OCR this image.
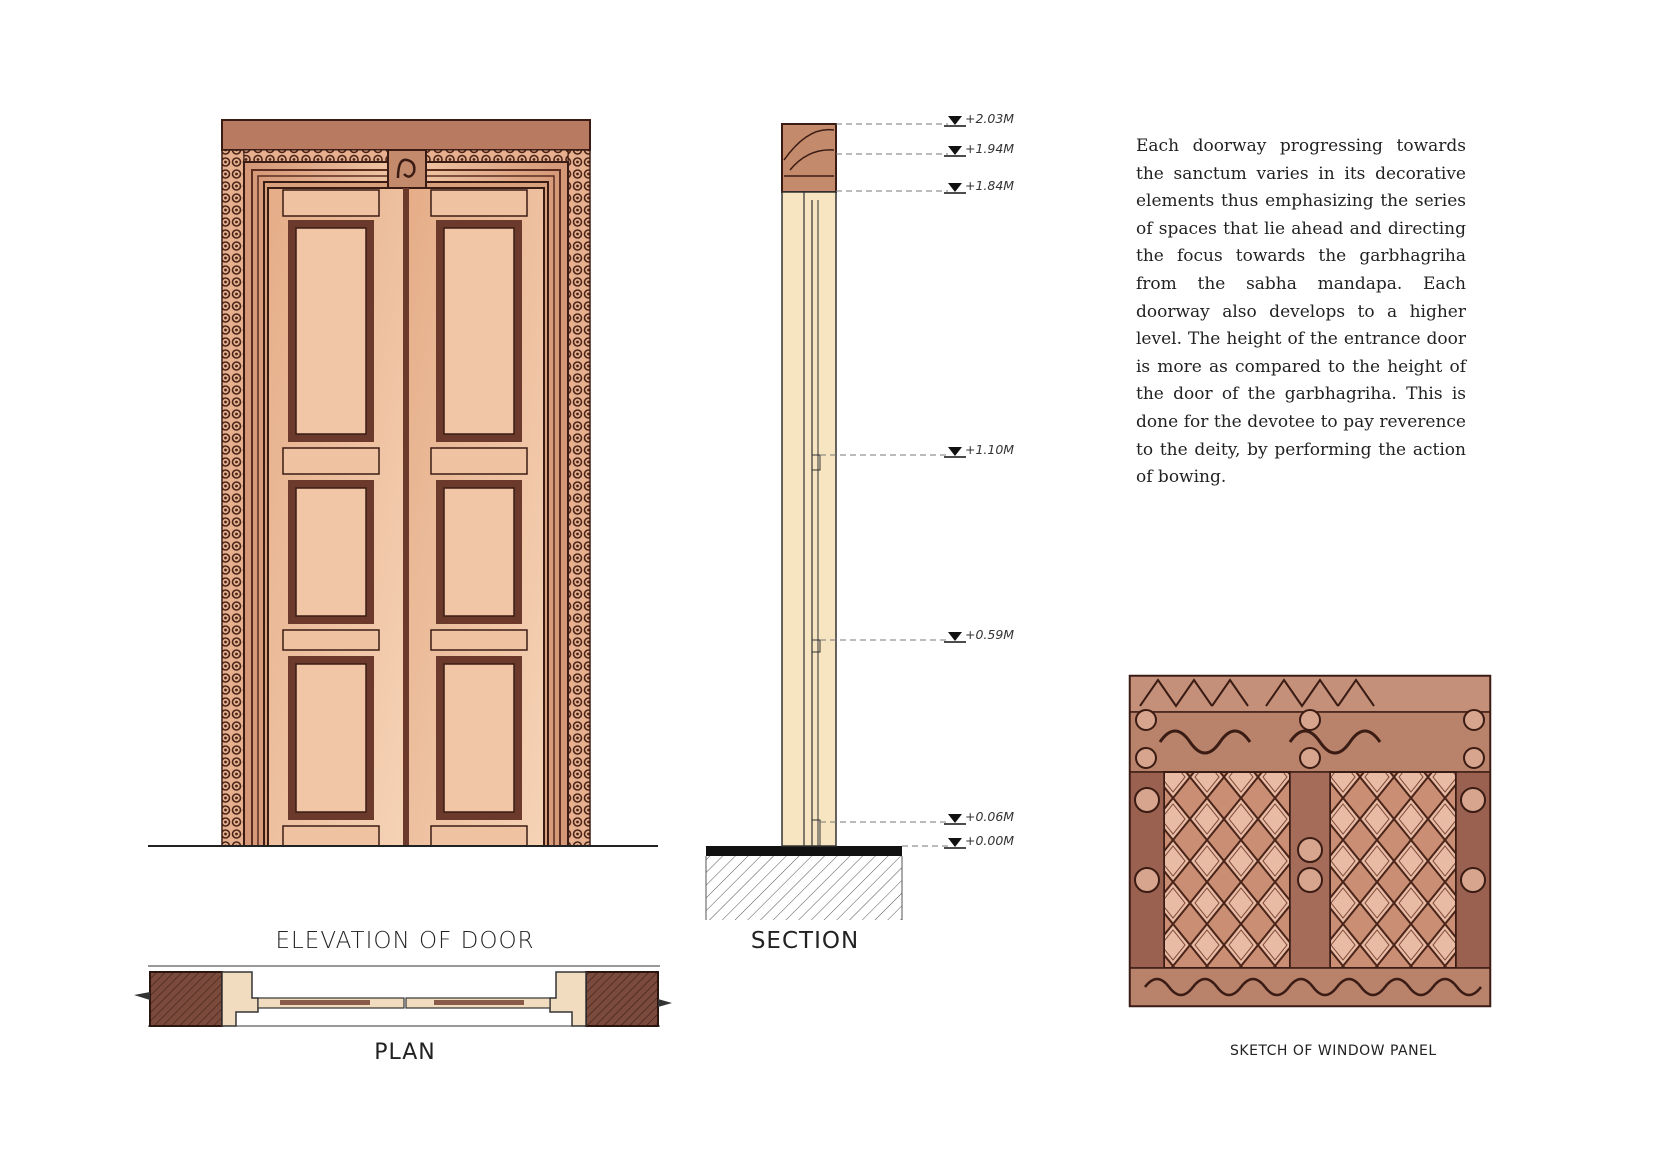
+2.03M
+1.94M
+1.84M
+1.10M
+0.59M
+0.06M
+0.00M
ELEVATION OF DOOR	SECTION
PLAN	SKETCH OF WINDOW PANEL

Each doorway progressing towards the sanctum varies in its decorative elements thus emphasizing the series of spaces that lie ahead and directing the focus towards the garbhagriha from the sabha mandapa. Each doorway also develops to a higher level. The height of the entrance door is more as compared to the height of the door of the garbhagriha. This is done for the devotee to pay reverence to the deity, by performing the action of bowing.
